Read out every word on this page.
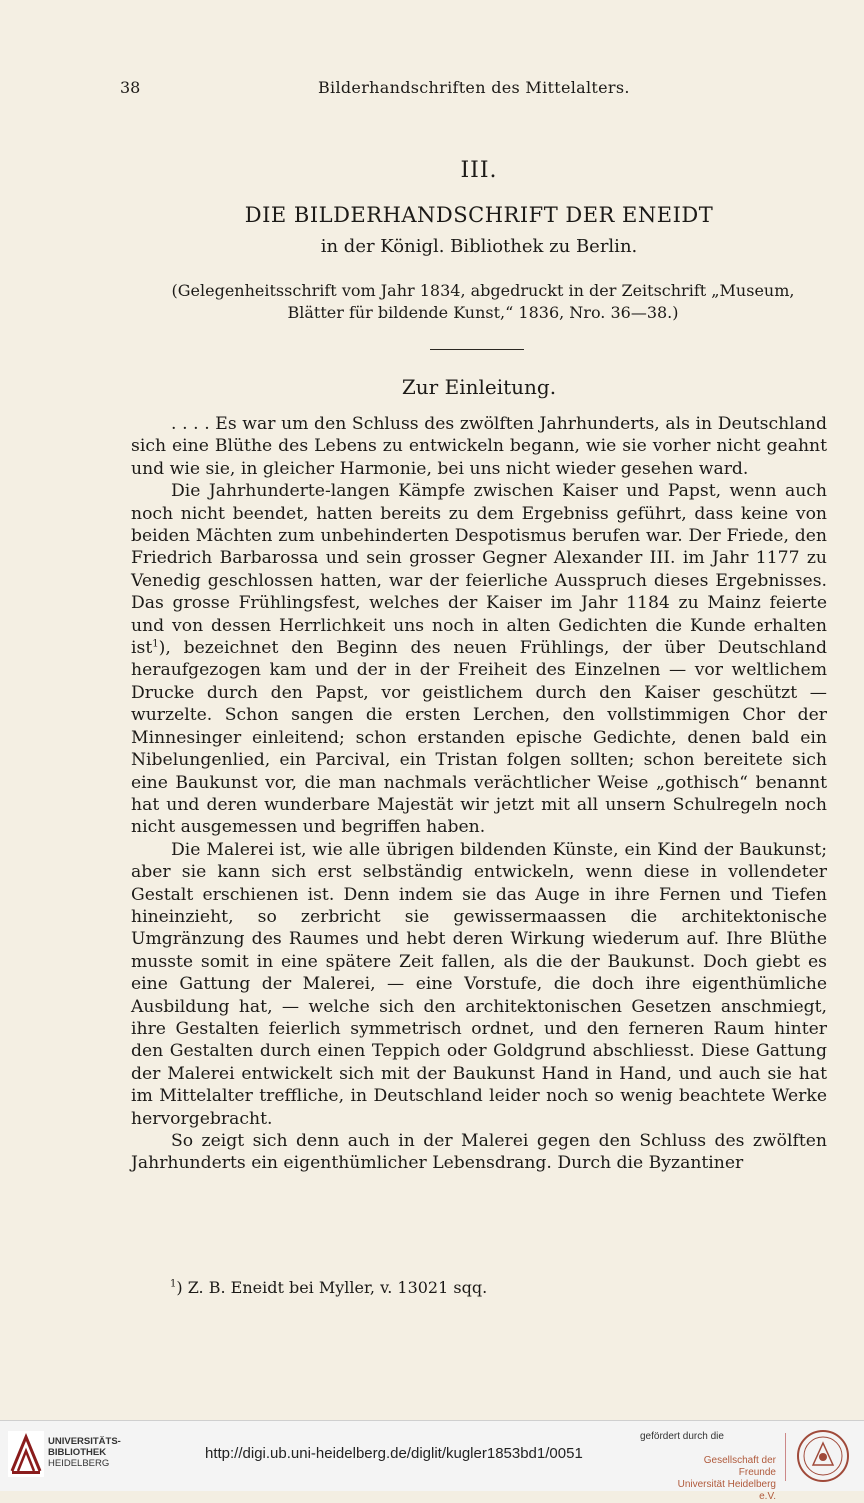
38	Bilderhandschriften des Mittelalters.
III.
DIE BILDERHANDSCHRIFT DER ENEIDT
in der Königl. Bibliothek zu Berlin.
(Gelegenheitsschrift vom Jahr 1834, abgedruckt in der Zeitschrift „Museum,
Blätter für bildende Kunst,“ 1836, Nro. 36—38.)
Zur Einleitung.

. . . . Es war um den Schluss des zwölften Jahrhunderts, als in Deutschland sich eine Blüthe des Lebens zu entwickeln begann, wie sie vorher nicht geahnt und wie sie, in gleicher Harmonie, bei uns nicht wieder gesehen ward.

Die Jahrhunderte-langen Kämpfe zwischen Kaiser und Papst, wenn auch noch nicht beendet, hatten bereits zu dem Ergebniss geführt, dass keine von beiden Mächten zum unbehinderten Despotismus berufen war. Der Friede, den Friedrich Barbarossa und sein grosser Gegner Alexander III. im Jahr 1177 zu Venedig geschlossen hatten, war der feierliche Ausspruch dieses Ergebnisses. Das grosse Frühlingsfest, welches der Kaiser im Jahr 1184 zu Mainz feierte und von dessen Herrlichkeit uns noch in alten Gedichten die Kunde erhalten ist$^1$), bezeichnet den Beginn des neuen Frühlings, der über Deutschland heraufgezogen kam und der in der Freiheit des Einzelnen — vor weltlichem Drucke durch den Papst, vor geistlichem durch den Kaiser geschützt — wurzelte. Schon sangen die ersten Lerchen, den vollstimmigen Chor der Minnesinger einleitend; schon erstanden epische Gedichte, denen bald ein Nibelungenlied, ein Parcival, ein Tristan folgen sollten; schon bereitete sich eine Baukunst vor, die man nachmals verächtlicher Weise „gothisch“ benannt hat und deren wunderbare Majestät wir jetzt mit all unsern Schulregeln noch nicht ausgemessen und begriffen haben.

Die Malerei ist, wie alle übrigen bildenden Künste, ein Kind der Baukunst; aber sie kann sich erst selbständig entwickeln, wenn diese in vollendeter Gestalt erschienen ist. Denn indem sie das Auge in ihre Fernen und Tiefen hineinzieht, so zerbricht sie gewissermaassen die architektonische Umgränzung des Raumes und hebt deren Wirkung wiederum auf. Ihre Blüthe musste somit in eine spätere Zeit fallen, als die der Baukunst. Doch giebt es eine Gattung der Malerei, — eine Vorstufe, die doch ihre eigenthümliche Ausbildung hat, — welche sich den architektonischen Gesetzen anschmiegt, ihre Gestalten feierlich symmetrisch ordnet, und den ferneren Raum hinter den Gestalten durch einen Teppich oder Goldgrund abschliesst. Diese Gattung der Malerei entwickelt sich mit der Baukunst Hand in Hand, und auch sie hat im Mittelalter treffliche, in Deutschland leider noch so wenig beachtete Werke hervorgebracht.

So zeigt sich denn auch in der Malerei gegen den Schluss des zwölften Jahrhunderts ein eigenthümlicher Lebensdrang. Durch die Byzantiner

$^1$) Z. B. Eneidt bei Myller, v. 13021 sqq.
UNIVERSITÄTS-
BIBLIOTHEK
HEIDELBERG
http://digi.ub.uni-heidelberg.de/diglit/kugler1853bd1/0051
gefördert durch die
Gesellschaft der Freunde
Universität Heidelberg e.V.
